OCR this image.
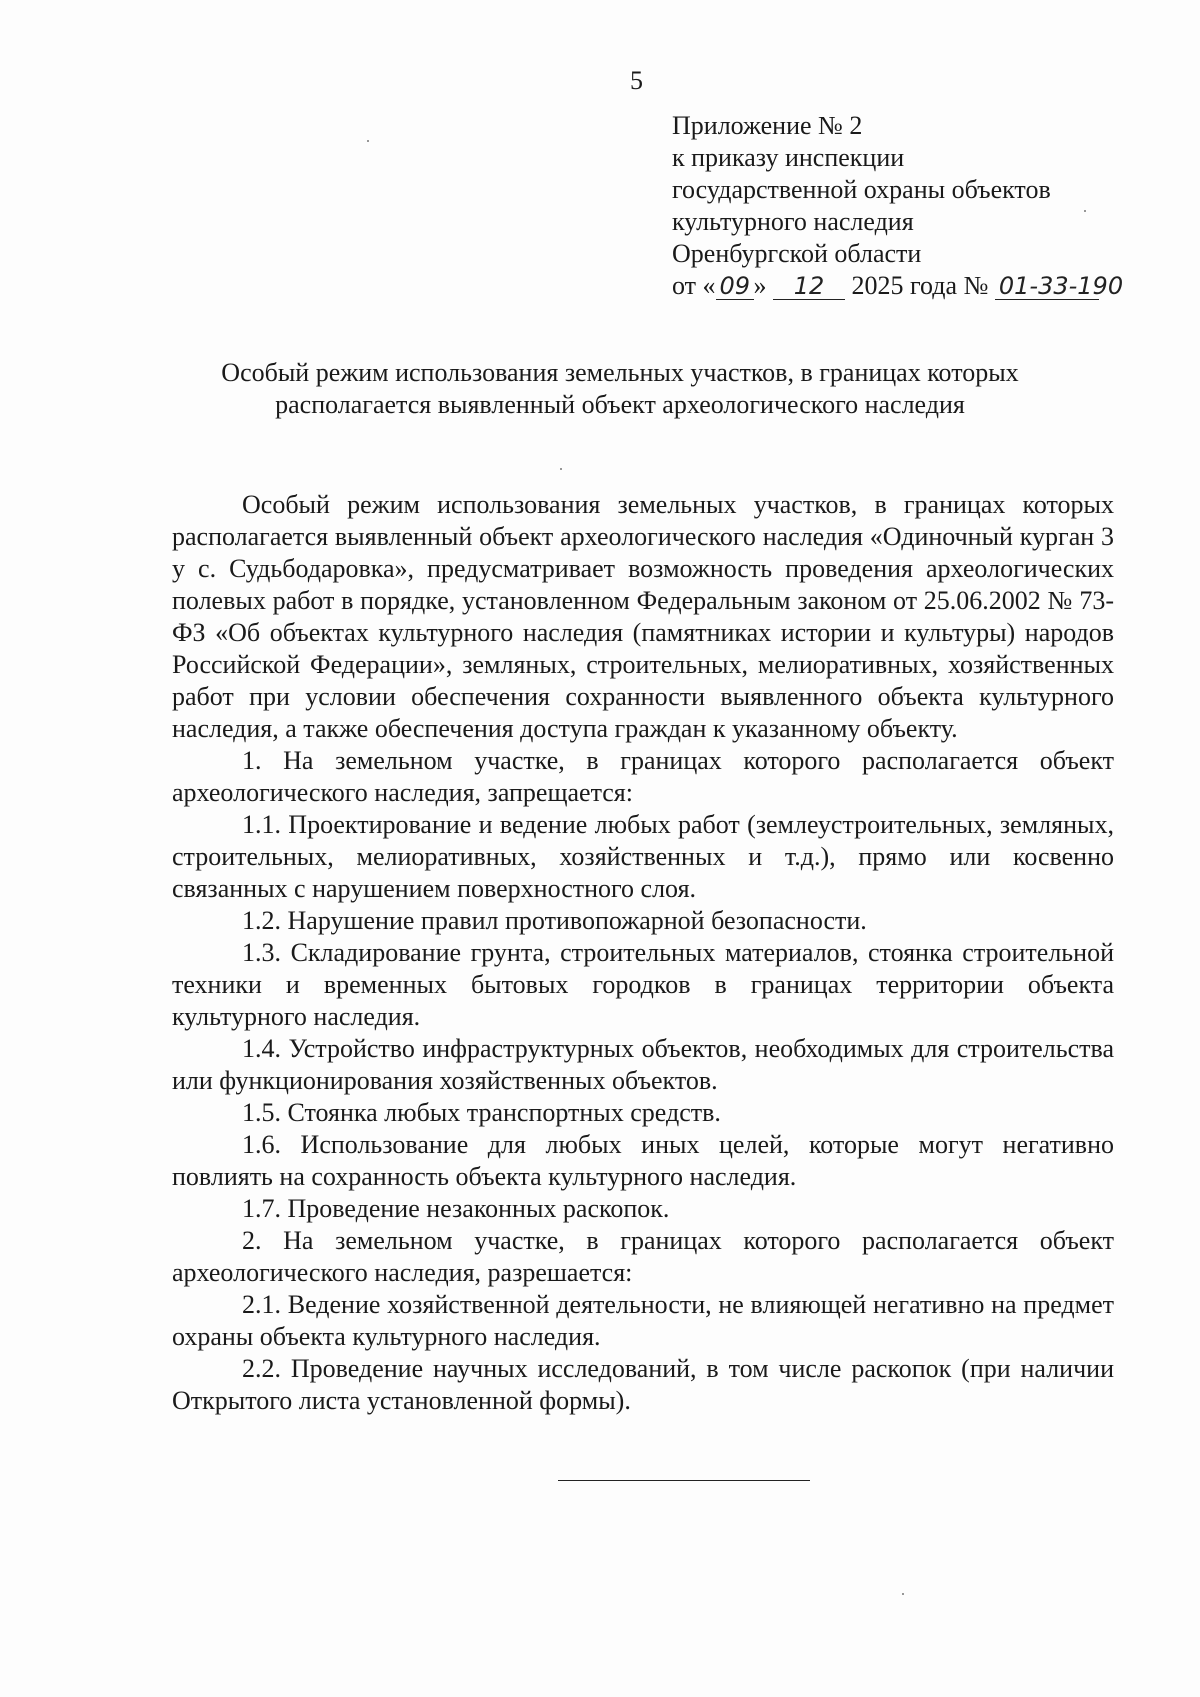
5
Приложение № 2
к приказу инспекции
государственной охраны объектов
культурного наследия
Оренбургской области
от « 09 » 12 2025 года № 01-33-190
Особый режим использования земельных участков, в границах которых
располагается выявленный объект археологического наследия

Особый режим использования земельных участков, в границах которых располагается выявленный объект археологического наследия «Одиночный курган 3 у с. Судьбодаровка», предусматривает возможность проведения археологических полевых работ в порядке, установленном Федеральным законом от 25.06.2002 № 73-ФЗ «Об объектах культурного наследия (памятниках истории и культуры) народов Российской Федерации», земляных, строительных, мелиоративных, хозяйственных работ при условии обеспечения сохранности выявленного объекта культурного наследия, а также обеспечения доступа граждан к указанному объекту.

1. На земельном участке, в границах которого располагается объект археологического наследия, запрещается:

1.1. Проектирование и ведение любых работ (землеустроительных, земляных, строительных, мелиоративных, хозяйственных и т.д.), прямо или косвенно связанных с нарушением поверхностного слоя.

1.2. Нарушение правил противопожарной безопасности.

1.3. Складирование грунта, строительных материалов, стоянка строительной техники и временных бытовых городков в границах территории объекта культурного наследия.

1.4. Устройство инфраструктурных объектов, необходимых для строительства или функционирования хозяйственных объектов.

1.5. Стоянка любых транспортных средств.

1.6. Использование для любых иных целей, которые могут негативно повлиять на сохранность объекта культурного наследия.

1.7. Проведение незаконных раскопок.

2. На земельном участке, в границах которого располагается объект археологического наследия, разрешается:

2.1. Ведение хозяйственной деятельности, не влияющей негативно на предмет охраны объекта культурного наследия.

2.2. Проведение научных исследований, в том числе раскопок (при наличии Открытого листа установленной формы).
